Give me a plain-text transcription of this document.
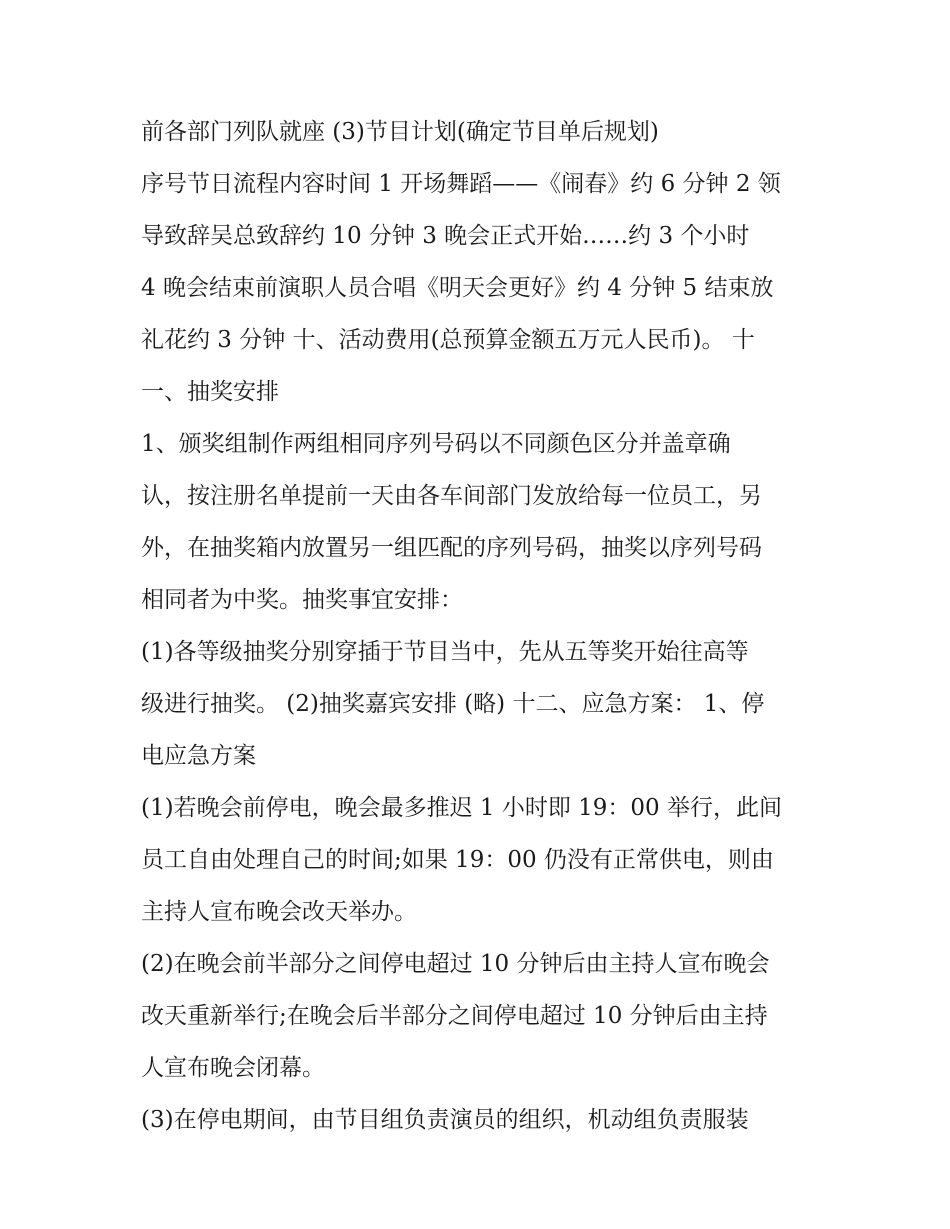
前各部门列队就座 (3)节目计划(确定节目单后规划)
序号节日流程内容时间 1 开场舞蹈——《闹春》约 6 分钟 2 领
导致辞吴总致辞约 10 分钟 3 晚会正式开始……约 3 个小时
4 晚会结束前演职人员合唱《明天会更好》约 4 分钟 5 结束放
礼花约 3 分钟 十、活动费用(总预算金额五万元人民币)。 十
一、抽奖安排
1、颁奖组制作两组相同序列号码以不同颜色区分并盖章确
认，按注册名单提前一天由各车间部门发放给每一位员工，另
外，在抽奖箱内放置另一组匹配的序列号码，抽奖以序列号码
相同者为中奖。抽奖事宜安排：
(1)各等级抽奖分别穿插于节目当中，先从五等奖开始往高等
级进行抽奖。 (2)抽奖嘉宾安排 (略) 十二、应急方案： 1、停
电应急方案
(1)若晚会前停电，晚会最多推迟 1 小时即 19：00 举行，此间
员工自由处理自己的时间;如果 19：00 仍没有正常供电，则由
主持人宣布晚会改天举办。
(2)在晚会前半部分之间停电超过 10 分钟后由主持人宣布晚会
改天重新举行;在晚会后半部分之间停电超过 10 分钟后由主持
人宣布晚会闭幕。
(3)在停电期间，由节目组负责演员的组织，机动组负责服装
